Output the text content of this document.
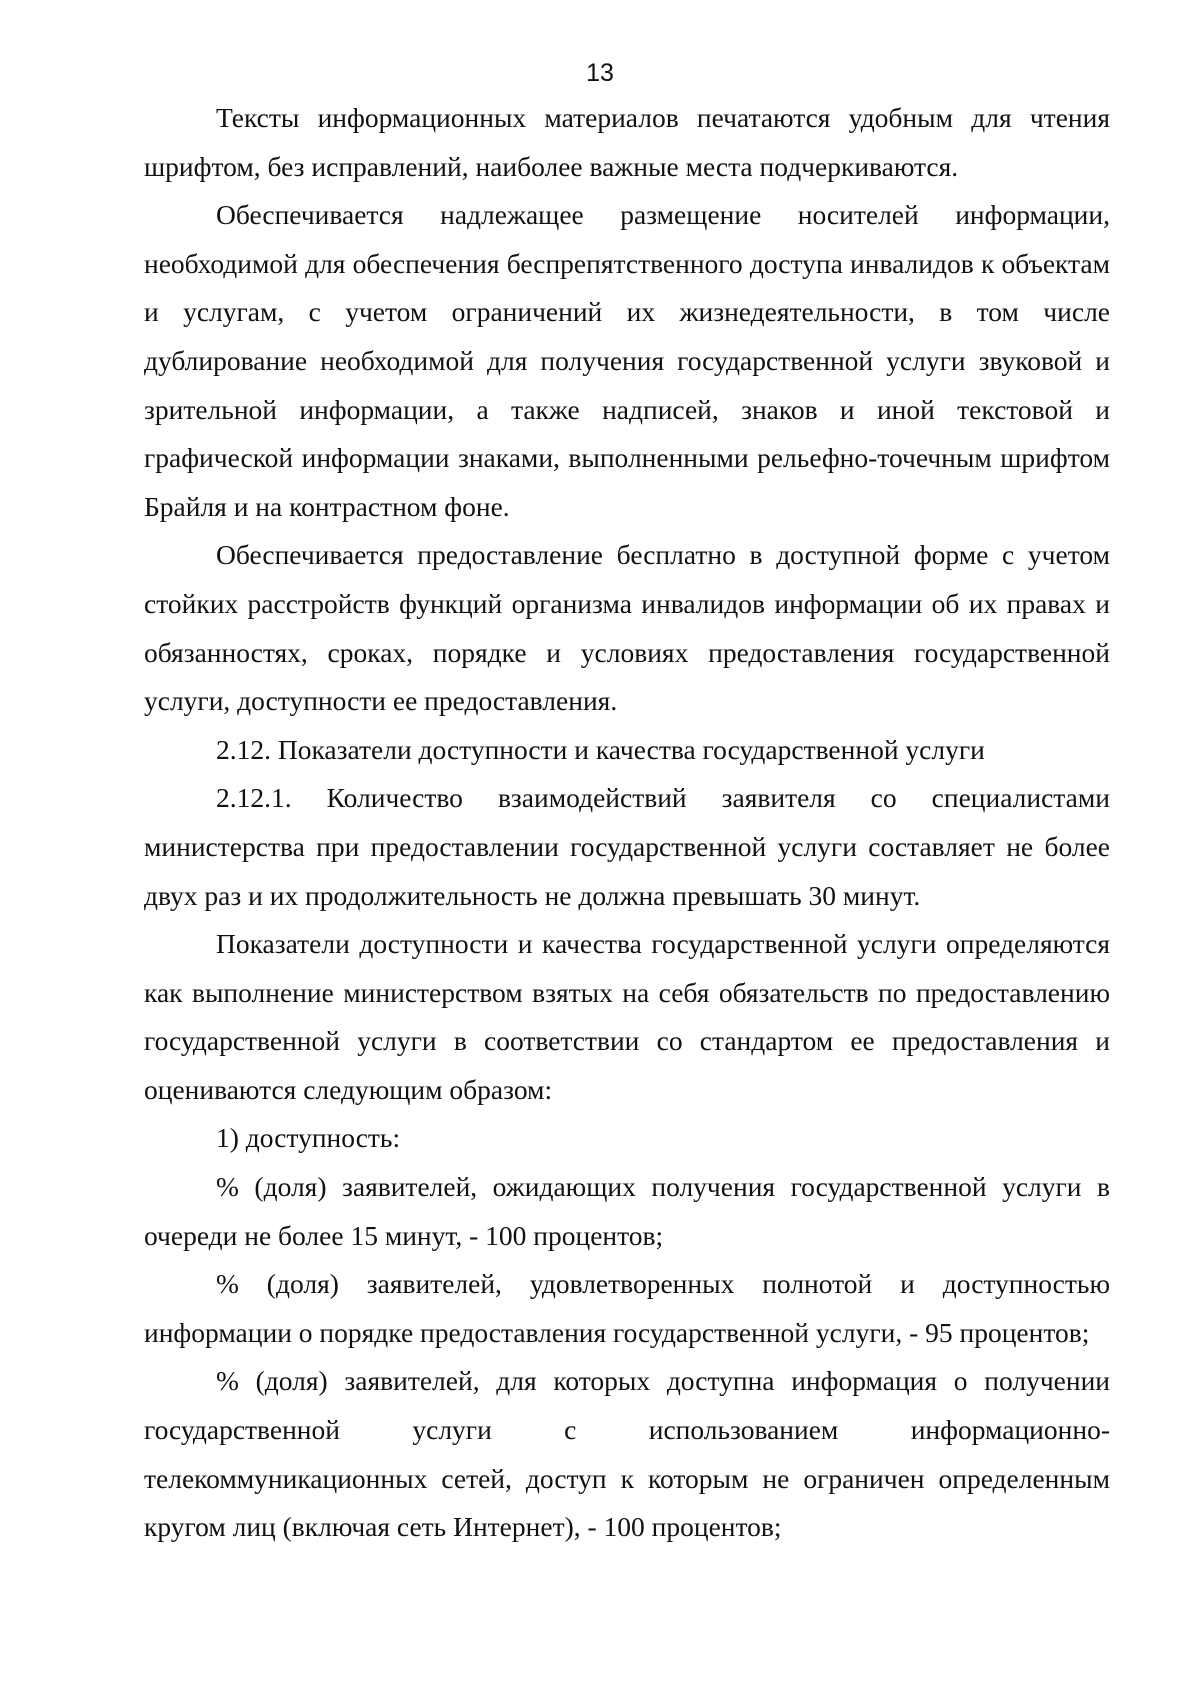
13

Тексты информационных материалов печатаются удобным для чтения шрифтом, без исправлений, наиболее важные места подчеркиваются.

Обеспечивается надлежащее размещение носителей информации, необходимой для обеспечения беспрепятственного доступа инвалидов к объектам и услугам, с учетом ограничений их жизнедеятельности, в том числе дублирование необходимой для получения государственной услуги звуковой и зрительной информации, а также надписей, знаков и иной текстовой и графической информации знаками, выполненными рельефно-точечным шрифтом Брайля и на контрастном фоне.

Обеспечивается предоставление бесплатно в доступной форме с учетом стойких расстройств функций организма инвалидов информации об их правах и обязанностях, сроках, порядке и условиях предоставления государственной услуги, доступности ее предоставления.

2.12. Показатели доступности и качества государственной услуги

2.12.1. Количество взаимодействий заявителя со специалистами министерства при предоставлении государственной услуги составляет не более двух раз и их продолжительность не должна превышать 30 минут.

Показатели доступности и качества государственной услуги определяются как выполнение министерством взятых на себя обязательств по предоставлению государственной услуги в соответствии со стандартом ее предоставления и оцениваются следующим образом:

1) доступность:

% (доля) заявителей, ожидающих получения государственной услуги в очереди не более 15 минут, - 100 процентов;

% (доля) заявителей, удовлетворенных полнотой и доступностью информации о порядке предоставления государственной услуги, - 95 процентов;

% (доля) заявителей, для которых доступна информация о получении государственной услуги с использованием информационно-телекоммуникационных сетей, доступ к которым не ограничен определенным кругом лиц (включая сеть Интернет), - 100 процентов;
